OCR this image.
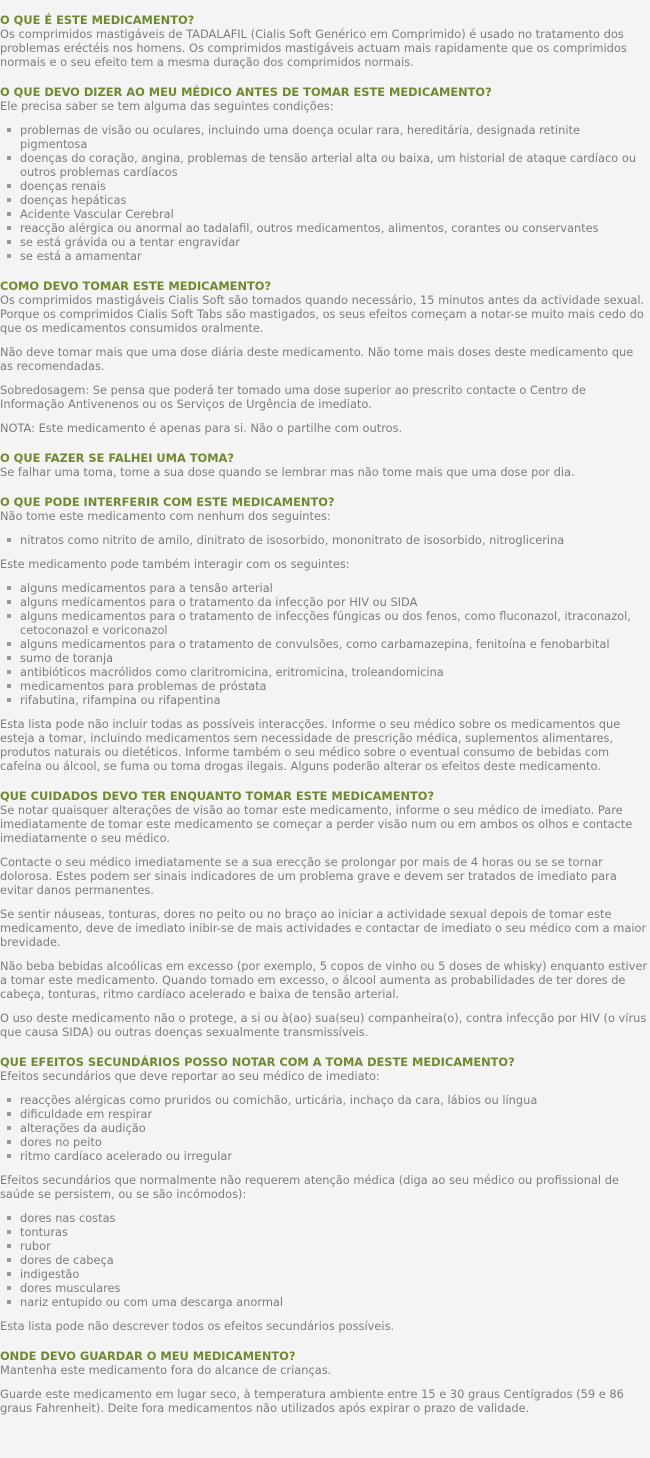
O QUE É ESTE MEDICAMENTO?

Os comprimidos mastigáveis de TADALAFIL (Cialis Soft Genérico em Comprimido) é usado no tratamento dos problemas eréctéis nos homens. Os comprimidos mastigáveis actuam mais rapidamente que os comprimidos normais e o seu efeito tem a mesma duração dos comprimidos normais.

O QUE DEVO DIZER AO MEU MÉDICO ANTES DE TOMAR ESTE MEDICAMENTO?

Ele precisa saber se tem alguma das seguintes condições:

problemas de visão ou oculares, incluindo uma doença ocular rara, hereditária, designada retinite pigmentosa
doenças do coração, angina, problemas de tensão arterial alta ou baixa, um historial de ataque cardíaco ou outros problemas cardíacos
doenças renais
doenças hepáticas
Acidente Vascular Cerebral
reacção alérgica ou anormal ao tadalafil, outros medicamentos, alimentos, corantes ou conservantes
se está grávida ou a tentar engravidar
se está a amamentar
COMO DEVO TOMAR ESTE MEDICAMENTO?

Os comprimidos mastigáveis Cialis Soft são tomados quando necessário, 15 minutos antes da actividade sexual. Porque os comprimidos Cialis Soft Tabs são mastigados, os seus efeitos começam a notar-se muito mais cedo do que os medicamentos consumidos oralmente.

Não deve tomar mais que uma dose diária deste medicamento. Não tome mais doses deste medicamento que as recomendadas.

Sobredosagem: Se pensa que poderá ter tomado uma dose superior ao prescrito contacte o Centro de Informação Antivenenos ou os Serviços de Urgência de imediato.

NOTA: Este medicamento é apenas para si. Não o partilhe com outros.

O QUE FAZER SE FALHEI UMA TOMA?

Se falhar uma toma, tome a sua dose quando se lembrar mas não tome mais que uma dose por dia.

O QUE PODE INTERFERIR COM ESTE MEDICAMENTO?

Não tome este medicamento com nenhum dos seguintes:

nitratos como nitrito de amilo, dinitrato de isosorbido, mononitrato de isosorbido, nitroglicerina

Este medicamento pode também interagir com os seguintes:

alguns medicamentos para a tensão arterial
alguns medicamentos para o tratamento da infecção por HIV ou SIDA
alguns medicamentos para o tratamento de infecções fúngicas ou dos fenos, como fluconazol, itraconazol, cetoconazol e voriconazol
alguns medicamentos para o tratamento de convulsões, como carbamazepina, fenitoína e fenobarbital
sumo de toranja
antibióticos macrólidos como claritromicina, eritromicina, troleandomicina
medicamentos para problemas de próstata
rifabutina, rifampina ou rifapentina

Esta lista pode não incluir todas as possíveis interacções. Informe o seu médico sobre os medicamentos que esteja a tomar, incluindo medicamentos sem necessidade de prescrição médica, suplementos alimentares, produtos naturais ou dietéticos. Informe também o seu médico sobre o eventual consumo de bebidas com cafeína ou álcool, se fuma ou toma drogas ilegais. Alguns poderão alterar os efeitos deste medicamento.

QUE CUIDADOS DEVO TER ENQUANTO TOMAR ESTE MEDICAMENTO?

Se notar quaisquer alterações de visão ao tomar este medicamento, informe o seu médico de imediato. Pare imediatamente de tomar este medicamento se começar a perder visão num ou em ambos os olhos e contacte imediatamente o seu médico.

Contacte o seu médico imediatamente se a sua erecção se prolongar por mais de 4 horas ou se se tornar dolorosa. Estes podem ser sinais indicadores de um problema grave e devem ser tratados de imediato para evitar danos permanentes.

Se sentir náuseas, tonturas, dores no peito ou no braço ao iniciar a actividade sexual depois de tomar este medicamento, deve de imediato inibir-se de mais actividades e contactar de imediato o seu médico com a maior brevidade.

Não beba bebidas alcoólicas em excesso (por exemplo, 5 copos de vinho ou 5 doses de whisky) enquanto estiver a tomar este medicamento. Quando tomado em excesso, o álcool aumenta as probabilidades de ter dores de cabeça, tonturas, ritmo cardíaco acelerado e baixa de tensão arterial.

O uso deste medicamento não o protege, a si ou à(ao) sua(seu) companheira(o), contra infecção por HIV (o vírus que causa SIDA) ou outras doenças sexualmente transmissíveis.

QUE EFEITOS SECUNDÁRIOS POSSO NOTAR COM A TOMA DESTE MEDICAMENTO?

Efeitos secundários que deve reportar ao seu médico de imediato:

reacções alérgicas como pruridos ou comichão, urticária, inchaço da cara, lábios ou língua
dificuldade em respirar
alterações da audição
dores no peito
ritmo cardíaco acelerado ou irregular

Efeitos secundários que normalmente não requerem atenção médica (diga ao seu médico ou profissional de saúde se persistem, ou se são incómodos):

dores nas costas
tonturas
rubor
dores de cabeça
indigestão
dores musculares
nariz entupido ou com uma descarga anormal

Esta lista pode não descrever todos os efeitos secundários possíveis.

ONDE DEVO GUARDAR O MEU MEDICAMENTO?

Mantenha este medicamento fora do alcance de crianças.

Guarde este medicamento em lugar seco, à temperatura ambiente entre 15 e 30 graus Centígrados (59 e 86 graus Fahrenheit). Deite fora medicamentos não utilizados após expirar o prazo de validade.
